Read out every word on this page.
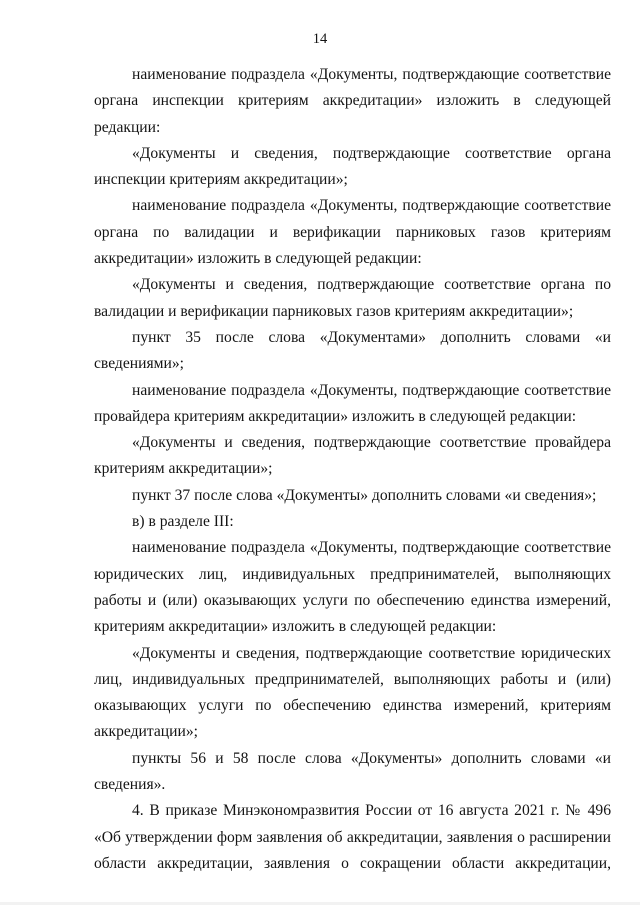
14

наименование подраздела «Документы, подтверждающие соответствие органа инспекции критериям аккредитации» изложить в следующей редакции:

«Документы и сведения, подтверждающие соответствие органа инспекции критериям аккредитации»;

наименование подраздела «Документы, подтверждающие соответствие органа по валидации и верификации парниковых газов критериям аккредитации» изложить в следующей редакции:

«Документы и сведения, подтверждающие соответствие органа по валидации и верификации парниковых газов критериям аккредитации»;

пункт 35 после слова «Документами» дополнить словами «и сведениями»;

наименование подраздела «Документы, подтверждающие соответствие провайдера критериям аккредитации» изложить в следующей редакции:

«Документы и сведения, подтверждающие соответствие провайдера критериям аккредитации»;

пункт 37 после слова «Документы» дополнить словами «и сведения»;

в) в разделе III:

наименование подраздела «Документы, подтверждающие соответствие юридических лиц, индивидуальных предпринимателей, выполняющих работы и (или) оказывающих услуги по обеспечению единства измерений, критериям аккредитации» изложить в следующей редакции:

«Документы и сведения, подтверждающие соответствие юридических лиц, индивидуальных предпринимателей, выполняющих работы и (или) оказывающих услуги по обеспечению единства измерений, критериям аккредитации»;

пункты 56 и 58 после слова «Документы» дополнить словами «и сведения».

4. В приказе Минэкономразвития России от 16 августа 2021 г. № 496 «Об утверждении форм заявления об аккредитации, заявления о расширении области аккредитации, заявления о сокращении области аккредитации,
